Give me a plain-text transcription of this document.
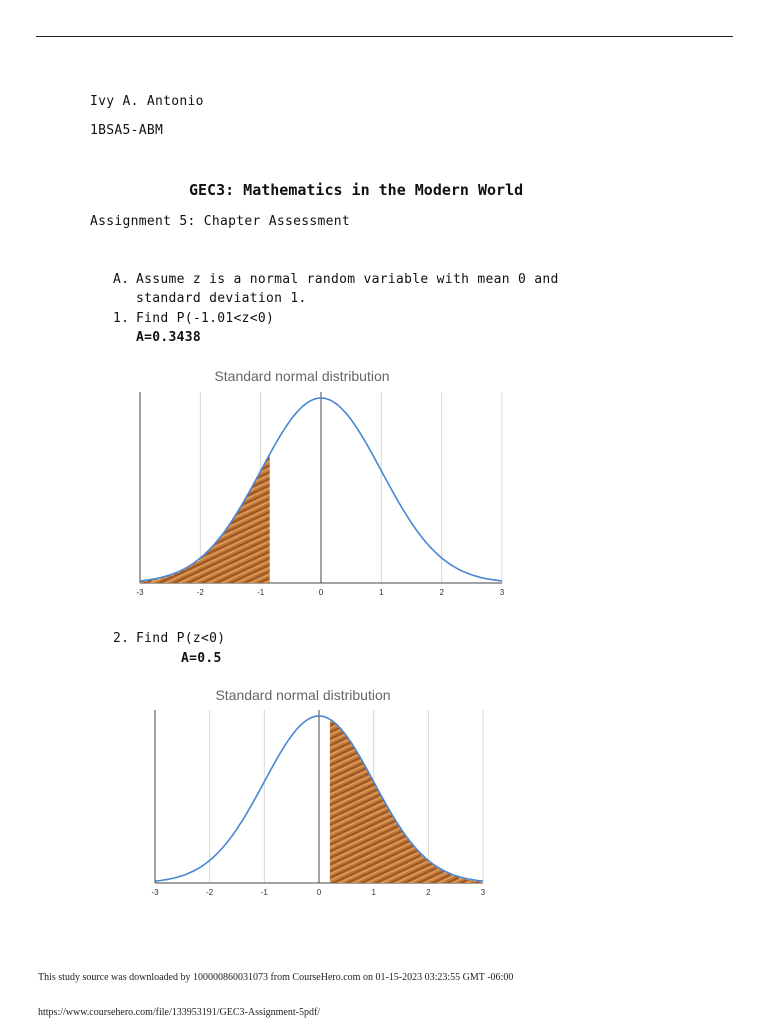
Ivy A. Antonio
1BSA5-ABM
GEC3: Mathematics in the Modern World
Assignment 5: Chapter Assessment
A. Assume z is a normal random variable with mean 0 and
standard deviation 1.
1. Find P(-1.01<z<0)
A=0.3438
Standard normal distribution
-3	-2	-1	0	1	2	3
2. Find P(z<0)
A=0.5
Standard normal distribution
-3	-2	-1	0	1	2	3
This study source was downloaded by 100000860031073 from CourseHero.com on 01-15-2023 03:23:55 GMT -06:00
https://www.coursehero.com/file/133953191/GEC3-Assignment-5pdf/
